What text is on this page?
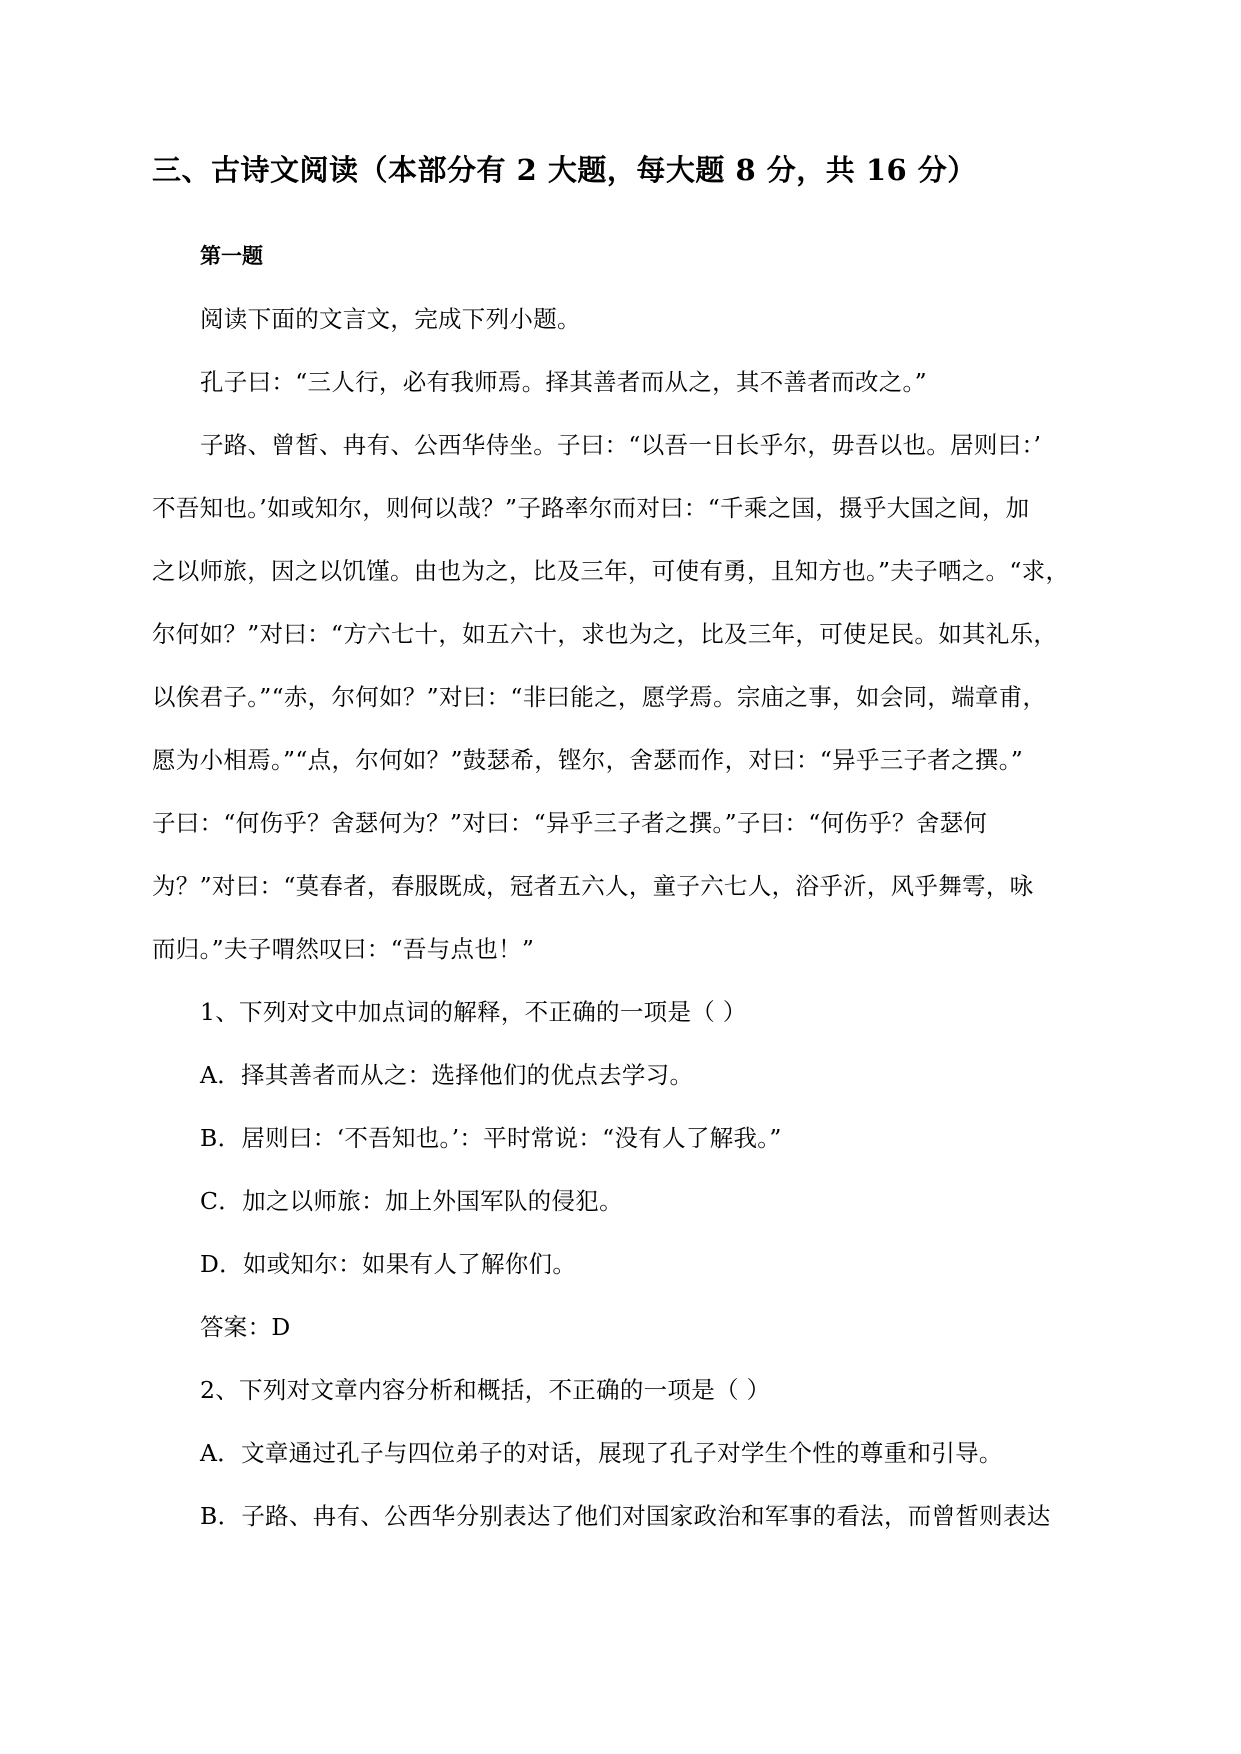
三、古诗文阅读（本部分有 2 大题，每大题 8 分，共 16 分）
第一题
阅读下面的文言文，完成下列小题。
孔子曰：“三人行，必有我师焉。择其善者而从之，其不善者而改之。”
子路、曾皙、冉有、公西华侍坐。子曰：“以吾一日长乎尔，毋吾以也。居则曰：’
不吾知也。’如或知尔，则何以哉？”子路率尔而对曰：“千乘之国，摄乎大国之间，加
之以师旅，因之以饥馑。由也为之，比及三年，可使有勇，且知方也。”夫子哂之。“求，
尔何如？”对曰：“方六七十，如五六十，求也为之，比及三年，可使足民。如其礼乐，
以俟君子。”“赤，尔何如？”对曰：“非曰能之，愿学焉。宗庙之事，如会同，端章甫，
愿为小相焉。”“点，尔何如？”鼓瑟希，铿尔，舍瑟而作，对曰：“异乎三子者之撰。”
子曰：“何伤乎？舍瑟何为？”对曰：“异乎三子者之撰。”子曰：“何伤乎？舍瑟何
为？”对曰：“莫春者，春服既成，冠者五六人，童子六七人，浴乎沂，风乎舞雩，咏
而归。”夫子喟然叹曰：“吾与点也！”
1、下列对文中加点词的解释，不正确的一项是（ ）
A．择其善者而从之：选择他们的优点去学习。
B．居则曰：‘不吾知也。’：平时常说：“没有人了解我。”
C．加之以师旅：加上外国军队的侵犯。
D．如或知尔：如果有人了解你们。
答案：D
2、下列对文章内容分析和概括，不正确的一项是（ ）
A．文章通过孔子与四位弟子的对话，展现了孔子对学生个性的尊重和引导。
B．子路、冉有、公西华分别表达了他们对国家政治和军事的看法，而曾皙则表达
